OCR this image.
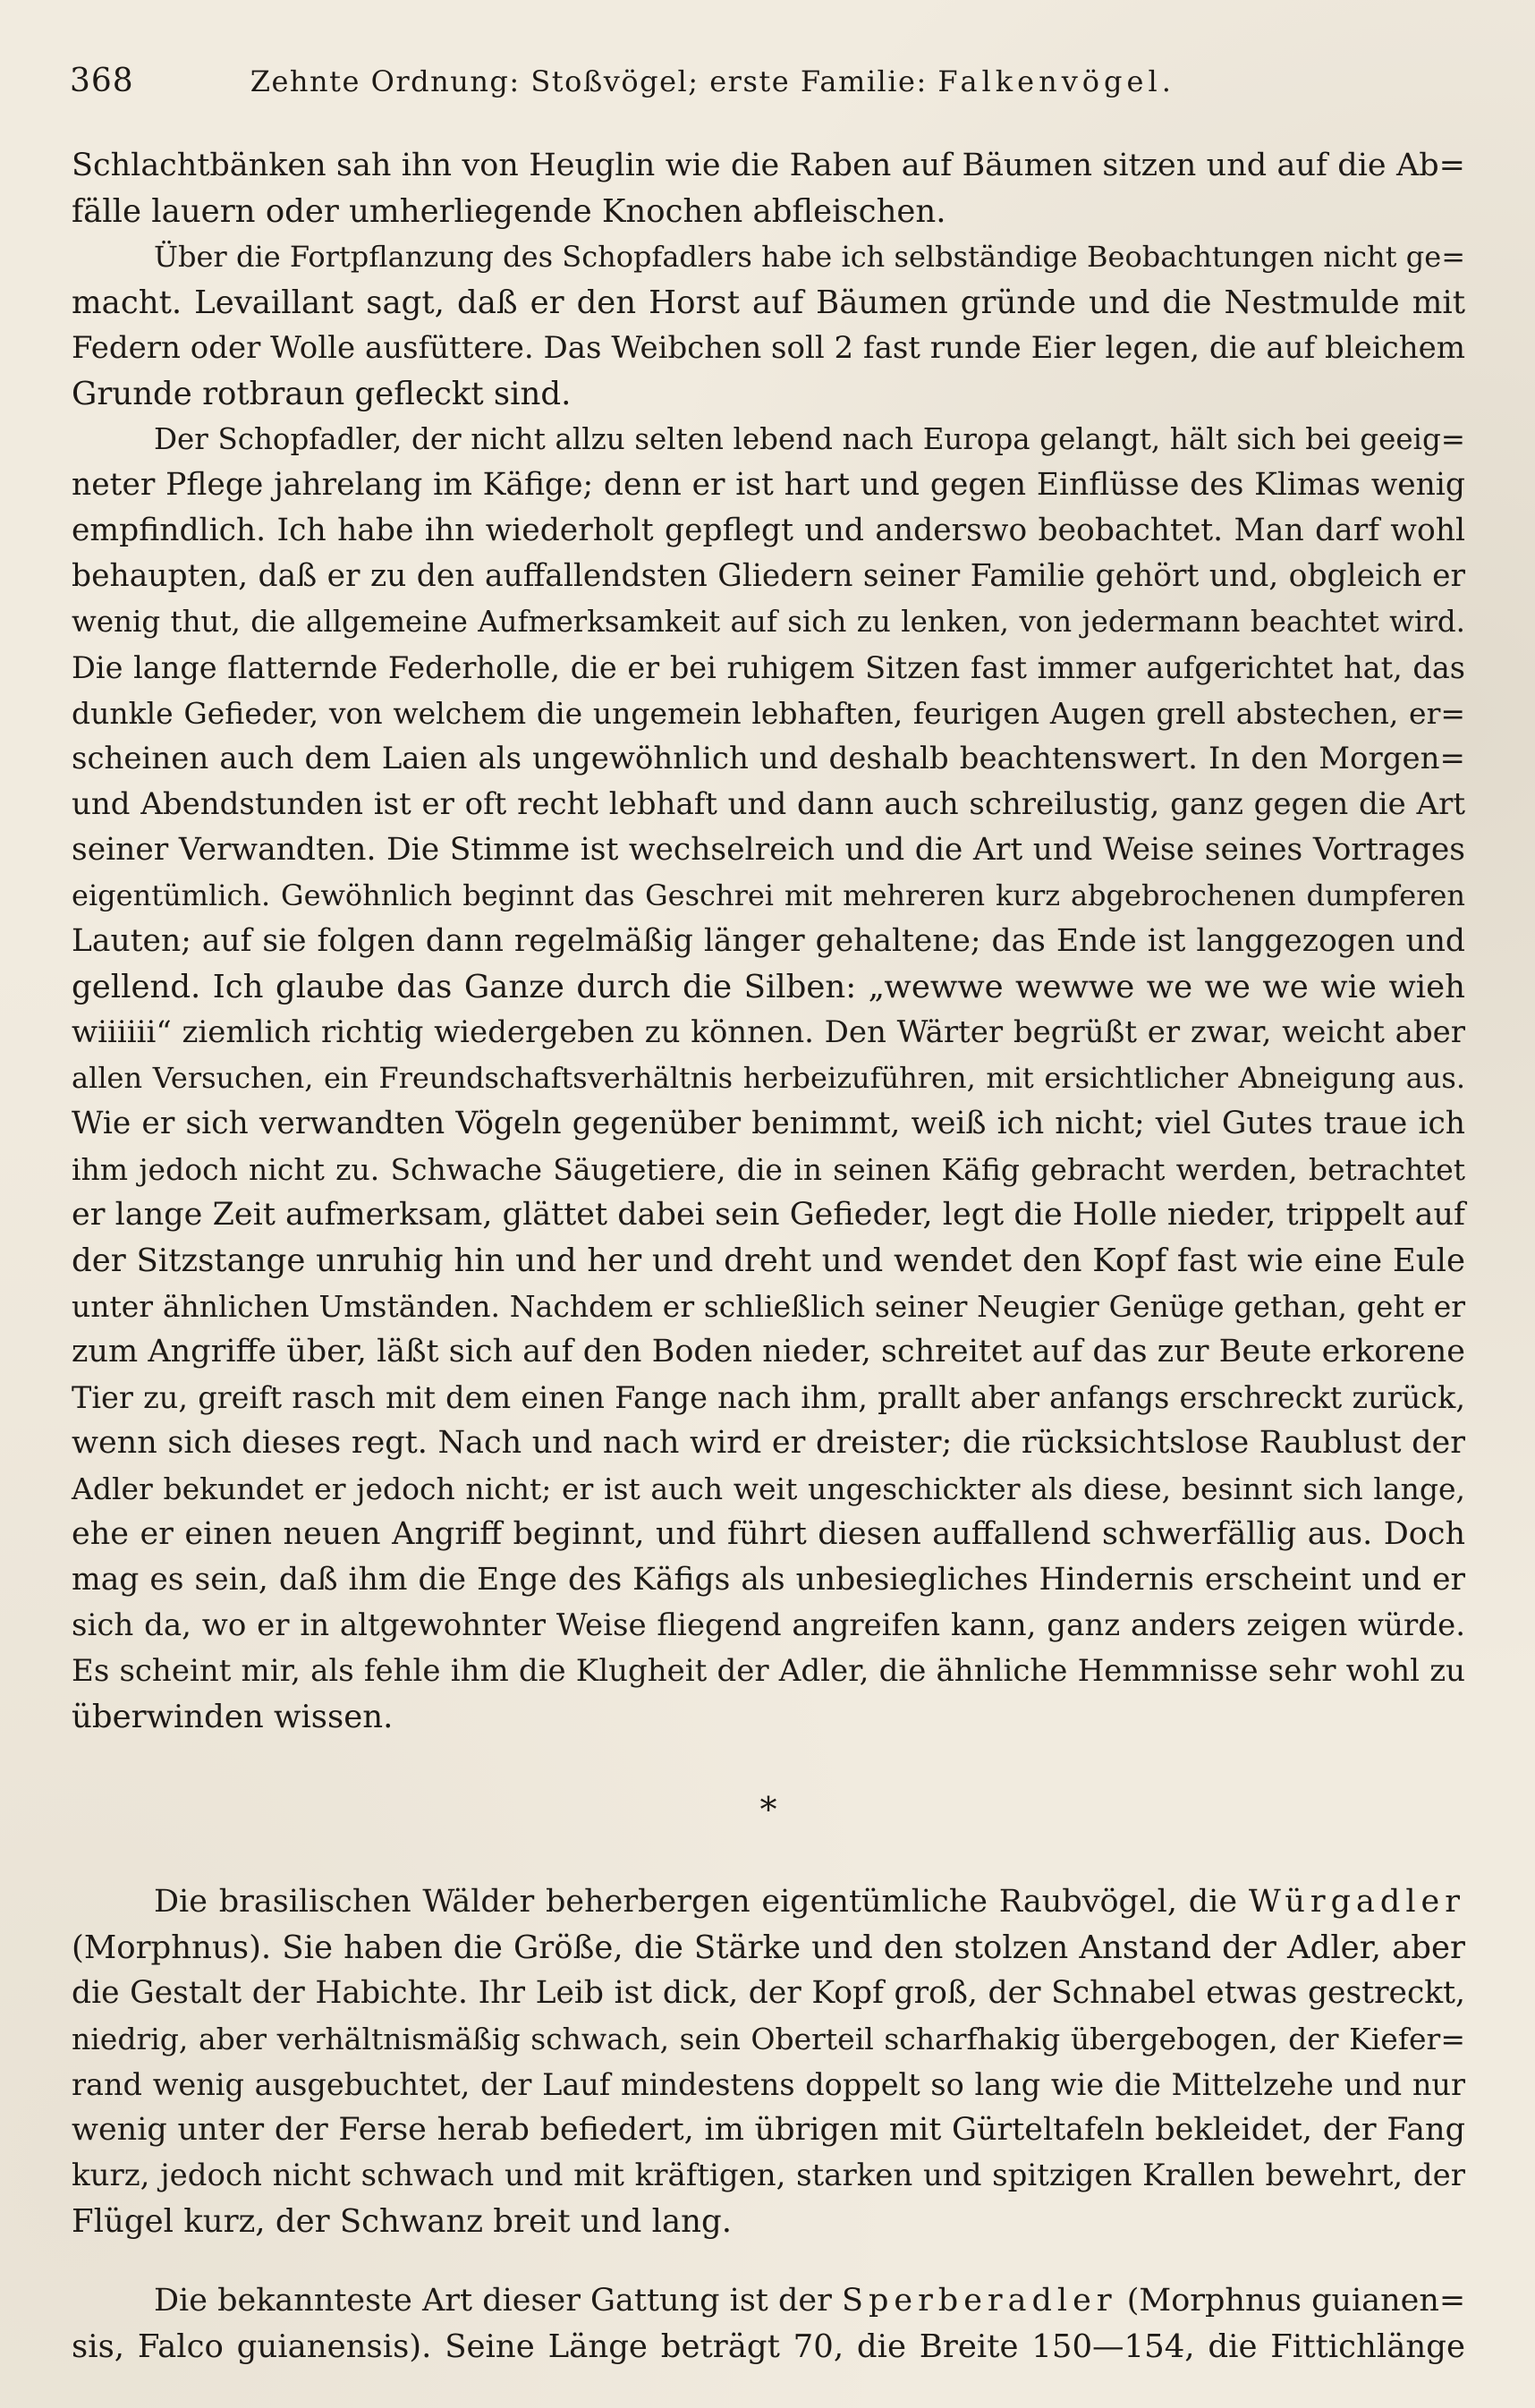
368	Zehnte Ordnung: Stoßvögel; erste Familie: Falkenvögel.

Schlachtbänken sah ihn von Heuglin wie die Raben auf Bäumen sitzen und auf die Ab=

fälle lauern oder umherliegende Knochen abfleischen.

Über die Fortpflanzung des Schopfadlers habe ich selbständige Beobachtungen nicht ge=

macht. Levaillant sagt, daß er den Horst auf Bäumen gründe und die Nestmulde mit

Federn oder Wolle ausfüttere. Das Weibchen soll 2 fast runde Eier legen, die auf bleichem

Grunde rotbraun gefleckt sind.

Der Schopfadler, der nicht allzu selten lebend nach Europa gelangt, hält sich bei geeig=

neter Pflege jahrelang im Käfige; denn er ist hart und gegen Einflüsse des Klimas wenig

empfindlich. Ich habe ihn wiederholt gepflegt und anderswo beobachtet. Man darf wohl

behaupten, daß er zu den auffallendsten Gliedern seiner Familie gehört und, obgleich er

wenig thut, die allgemeine Aufmerksamkeit auf sich zu lenken, von jedermann beachtet wird.

Die lange flatternde Federholle, die er bei ruhigem Sitzen fast immer aufgerichtet hat, das

dunkle Gefieder, von welchem die ungemein lebhaften, feurigen Augen grell abstechen, er=

scheinen auch dem Laien als ungewöhnlich und deshalb beachtenswert. In den Morgen=

und Abendstunden ist er oft recht lebhaft und dann auch schreilustig, ganz gegen die Art

seiner Verwandten. Die Stimme ist wechselreich und die Art und Weise seines Vortrages

eigentümlich. Gewöhnlich beginnt das Geschrei mit mehreren kurz abgebrochenen dumpferen

Lauten; auf sie folgen dann regelmäßig länger gehaltene; das Ende ist langgezogen und

gellend. Ich glaube das Ganze durch die Silben: „wewwe wewwe we we we wie wieh

wiiiiii“ ziemlich richtig wiedergeben zu können. Den Wärter begrüßt er zwar, weicht aber

allen Versuchen, ein Freundschaftsverhältnis herbeizuführen, mit ersichtlicher Abneigung aus.

Wie er sich verwandten Vögeln gegenüber benimmt, weiß ich nicht; viel Gutes traue ich

ihm jedoch nicht zu. Schwache Säugetiere, die in seinen Käfig gebracht werden, betrachtet

er lange Zeit aufmerksam, glättet dabei sein Gefieder, legt die Holle nieder, trippelt auf

der Sitzstange unruhig hin und her und dreht und wendet den Kopf fast wie eine Eule

unter ähnlichen Umständen. Nachdem er schließlich seiner Neugier Genüge gethan, geht er

zum Angriffe über, läßt sich auf den Boden nieder, schreitet auf das zur Beute erkorene

Tier zu, greift rasch mit dem einen Fange nach ihm, prallt aber anfangs erschreckt zurück,

wenn sich dieses regt. Nach und nach wird er dreister; die rücksichtslose Raublust der

Adler bekundet er jedoch nicht; er ist auch weit ungeschickter als diese, besinnt sich lange,

ehe er einen neuen Angriff beginnt, und führt diesen auffallend schwerfällig aus. Doch

mag es sein, daß ihm die Enge des Käfigs als unbesiegliches Hindernis erscheint und er

sich da, wo er in altgewohnter Weise fliegend angreifen kann, ganz anders zeigen würde.

Es scheint mir, als fehle ihm die Klugheit der Adler, die ähnliche Hemmnisse sehr wohl zu

überwinden wissen.

*

Die brasilischen Wälder beherbergen eigentümliche Raubvögel, die Würgadler

(Morphnus). Sie haben die Größe, die Stärke und den stolzen Anstand der Adler, aber

die Gestalt der Habichte. Ihr Leib ist dick, der Kopf groß, der Schnabel etwas gestreckt,

niedrig, aber verhältnismäßig schwach, sein Oberteil scharfhakig übergebogen, der Kiefer=

rand wenig ausgebuchtet, der Lauf mindestens doppelt so lang wie die Mittelzehe und nur

wenig unter der Ferse herab befiedert, im übrigen mit Gürteltafeln bekleidet, der Fang

kurz, jedoch nicht schwach und mit kräftigen, starken und spitzigen Krallen bewehrt, der

Flügel kurz, der Schwanz breit und lang.

Die bekannteste Art dieser Gattung ist der Sperberadler (Morphnus guianen=

sis, Falco guianensis). Seine Länge beträgt 70, die Breite 150—154, die Fittichlänge
